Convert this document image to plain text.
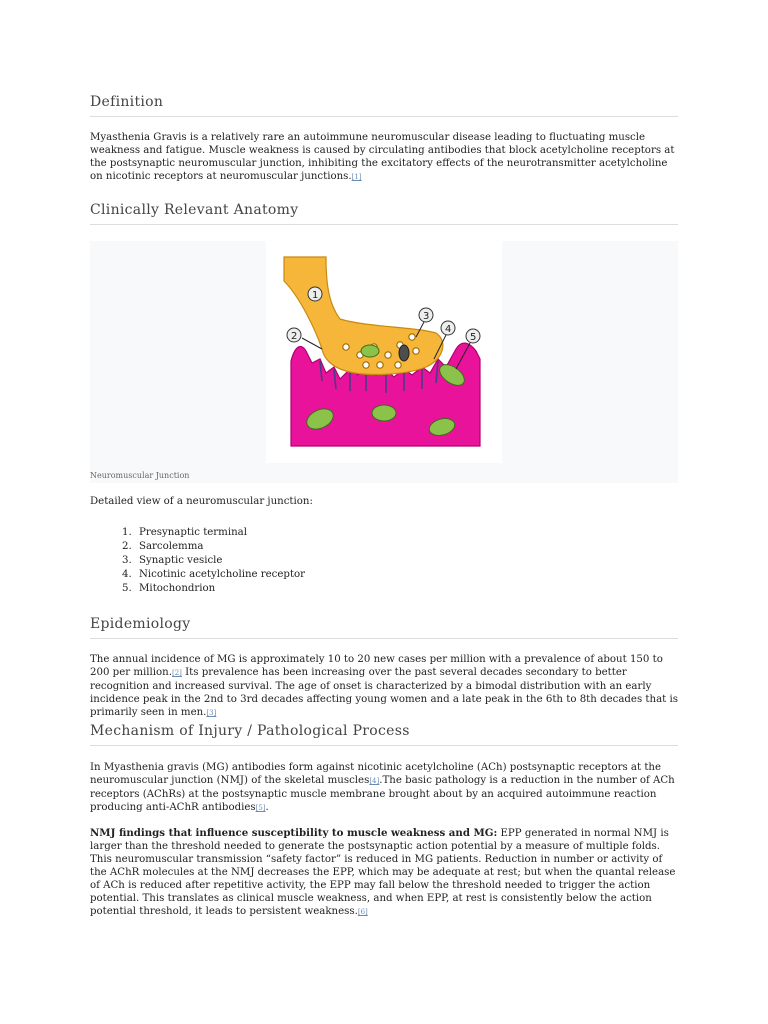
Definition

Myasthenia Gravis is a relatively rare an autoimmune neuromuscular disease leading to fluctuating muscle weakness and fatigue. Muscle weakness is caused by circulating antibodies that block acetylcholine receptors at the postsynaptic neuromuscular junction, inhibiting the excitatory effects of the neurotransmitter acetylcholine on nicotinic receptors at neuromuscular junctions.[1]

Clinically Relevant Anatomy
1
2
3
4
5
Neuromuscular Junction

Detailed view of a neuromuscular junction:

1. Presynaptic terminal
2. Sarcolemma
3. Synaptic vesicle
4. Nicotinic acetylcholine receptor
5. Mitochondrion
Epidemiology

The annual incidence of MG is approximately 10 to 20 new cases per million with a prevalence of about 150 to 200 per million.[2] Its prevalence has been increasing over the past several decades secondary to better recognition and increased survival. The age of onset is characterized by a bimodal distribution with an early incidence peak in the 2nd to 3rd decades affecting young women and a late peak in the 6th to 8th decades that is primarily seen in men.[3]

Mechanism of Injury / Pathological Process

In Myasthenia gravis (MG) antibodies form against nicotinic acetylcholine (ACh) postsynaptic receptors at the neuromuscular junction (NMJ) of the skeletal muscles[4].The basic pathology is a reduction in the number of ACh receptors (AChRs) at the postsynaptic muscle membrane brought about by an acquired autoimmune reaction producing anti-AChR antibodies[5].

NMJ findings that influence susceptibility to muscle weakness and MG: EPP generated in normal NMJ is larger than the threshold needed to generate the postsynaptic action potential by a measure of multiple folds. This neuromuscular transmission “safety factor” is reduced in MG patients. Reduction in number or activity of the AChR molecules at the NMJ decreases the EPP, which may be adequate at rest; but when the quantal release of ACh is reduced after repetitive activity, the EPP may fall below the threshold needed to trigger the action potential. This translates as clinical muscle weakness, and when EPP, at rest is consistently below the action potential threshold, it leads to persistent weakness.[6]
